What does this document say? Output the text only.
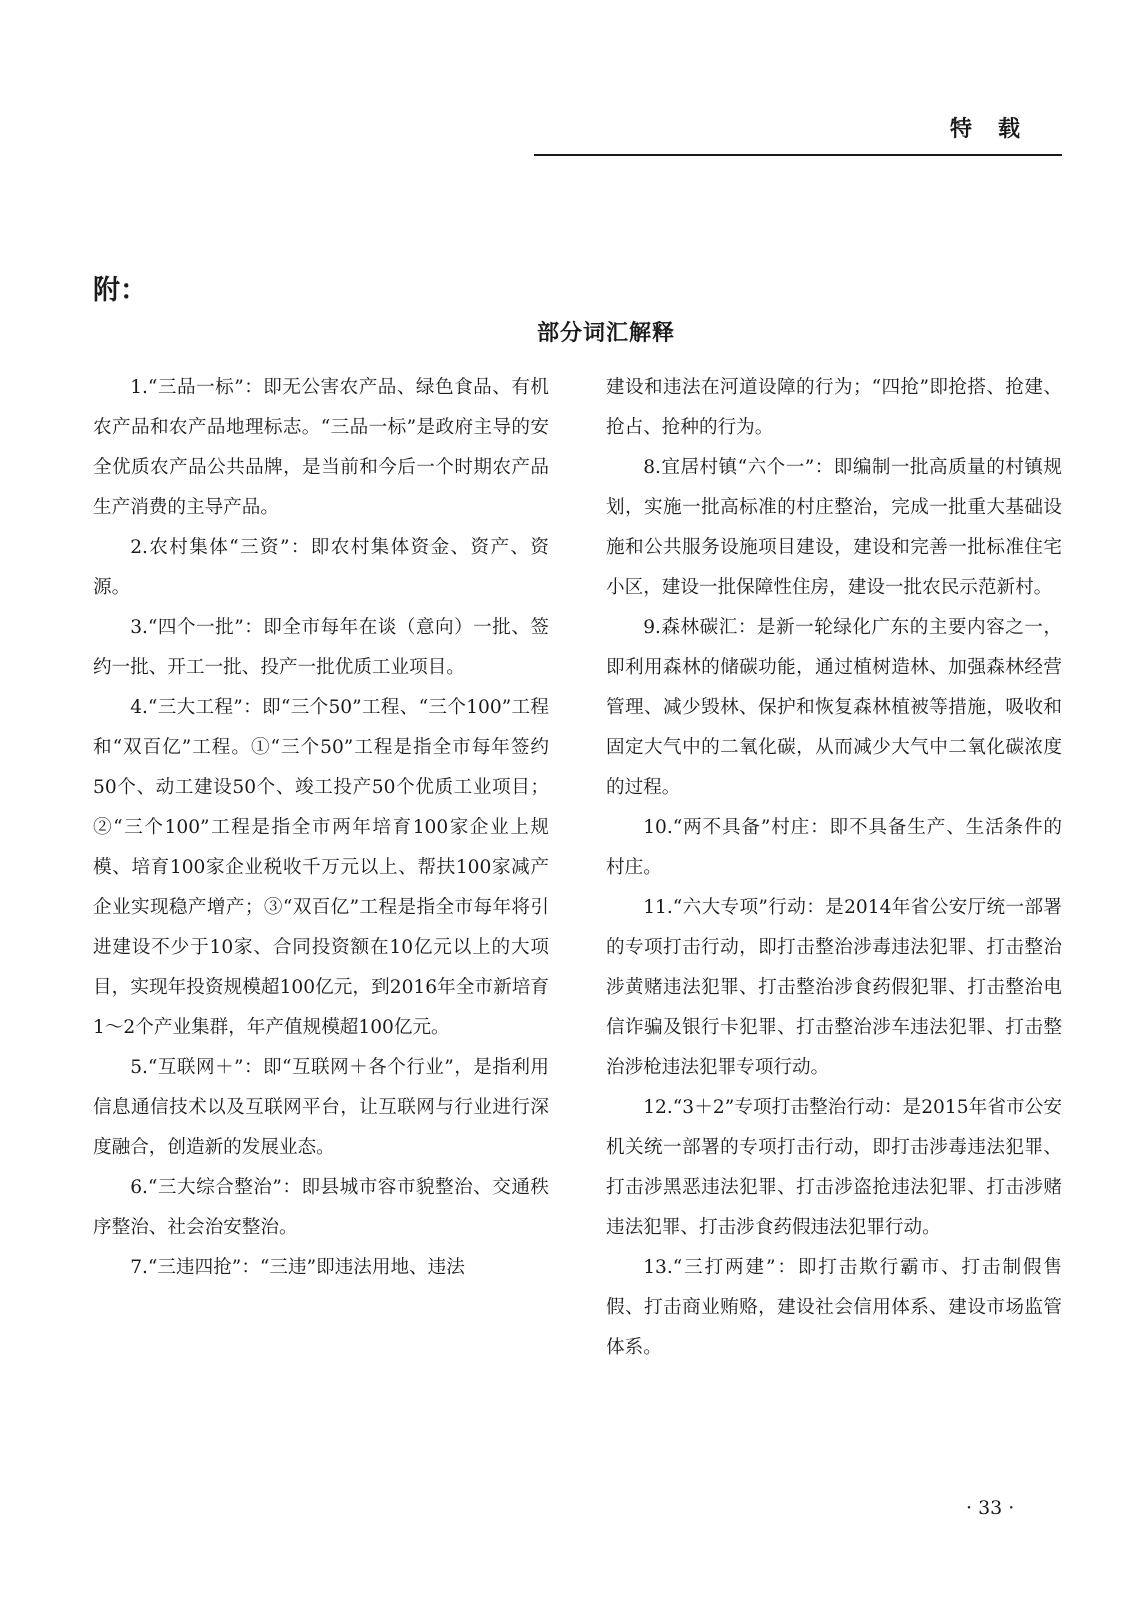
特载
附：
部分词汇解释

1.“三品一标”：即无公害农产品、绿色食品、有机农产品和农产品地理标志。“三品一标”是政府主导的安全优质农产品公共品牌，是当前和今后一个时期农产品生产消费的主导产品。

2.农村集体“三资”：即农村集体资金、资产、资源。

3.“四个一批”：即全市每年在谈（意向）一批、签约一批、开工一批、投产一批优质工业项目。

4.“三大工程”：即“三个50”工程、“三个100”工程和“双百亿”工程。①“三个50”工程是指全市每年签约50个、动工建设50个、竣工投产50个优质工业项目；②“三个100”工程是指全市两年培育100家企业上规模、培育100家企业税收千万元以上、帮扶100家减产企业实现稳产增产；③“双百亿”工程是指全市每年将引进建设不少于10家、合同投资额在10亿元以上的大项目，实现年投资规模超100亿元，到2016年全市新培育1～2个产业集群，年产值规模超100亿元。

5.“互联网＋”：即“互联网＋各个行业”，是指利用信息通信技术以及互联网平台，让互联网与行业进行深度融合，创造新的发展业态。

6.“三大综合整治”：即县城市容市貌整治、交通秩序整治、社会治安整治。

7.“三违四抢”：“三违”即违法用地、违法

建设和违法在河道设障的行为；“四抢”即抢搭、抢建、抢占、抢种的行为。

8.宜居村镇“六个一”：即编制一批高质量的村镇规划，实施一批高标准的村庄整治，完成一批重大基础设施和公共服务设施项目建设，建设和完善一批标准住宅小区，建设一批保障性住房，建设一批农民示范新村。

9.森林碳汇：是新一轮绿化广东的主要内容之一，即利用森林的储碳功能，通过植树造林、加强森林经营管理、减少毁林、保护和恢复森林植被等措施，吸收和固定大气中的二氧化碳，从而减少大气中二氧化碳浓度的过程。

10.“两不具备”村庄：即不具备生产、生活条件的村庄。

11.“六大专项”行动：是2014年省公安厅统一部署的专项打击行动，即打击整治涉毒违法犯罪、打击整治涉黄赌违法犯罪、打击整治涉食药假犯罪、打击整治电信诈骗及银行卡犯罪、打击整治涉车违法犯罪、打击整治涉枪违法犯罪专项行动。

12.“3＋2”专项打击整治行动：是2015年省市公安机关统一部署的专项打击行动，即打击涉毒违法犯罪、打击涉黑恶违法犯罪、打击涉盗抢违法犯罪、打击涉赌违法犯罪、打击涉食药假违法犯罪行动。

13.“三打两建”：即打击欺行霸市、打击制假售假、打击商业贿赂，建设社会信用体系、建设市场监管体系。

· 33 ·
